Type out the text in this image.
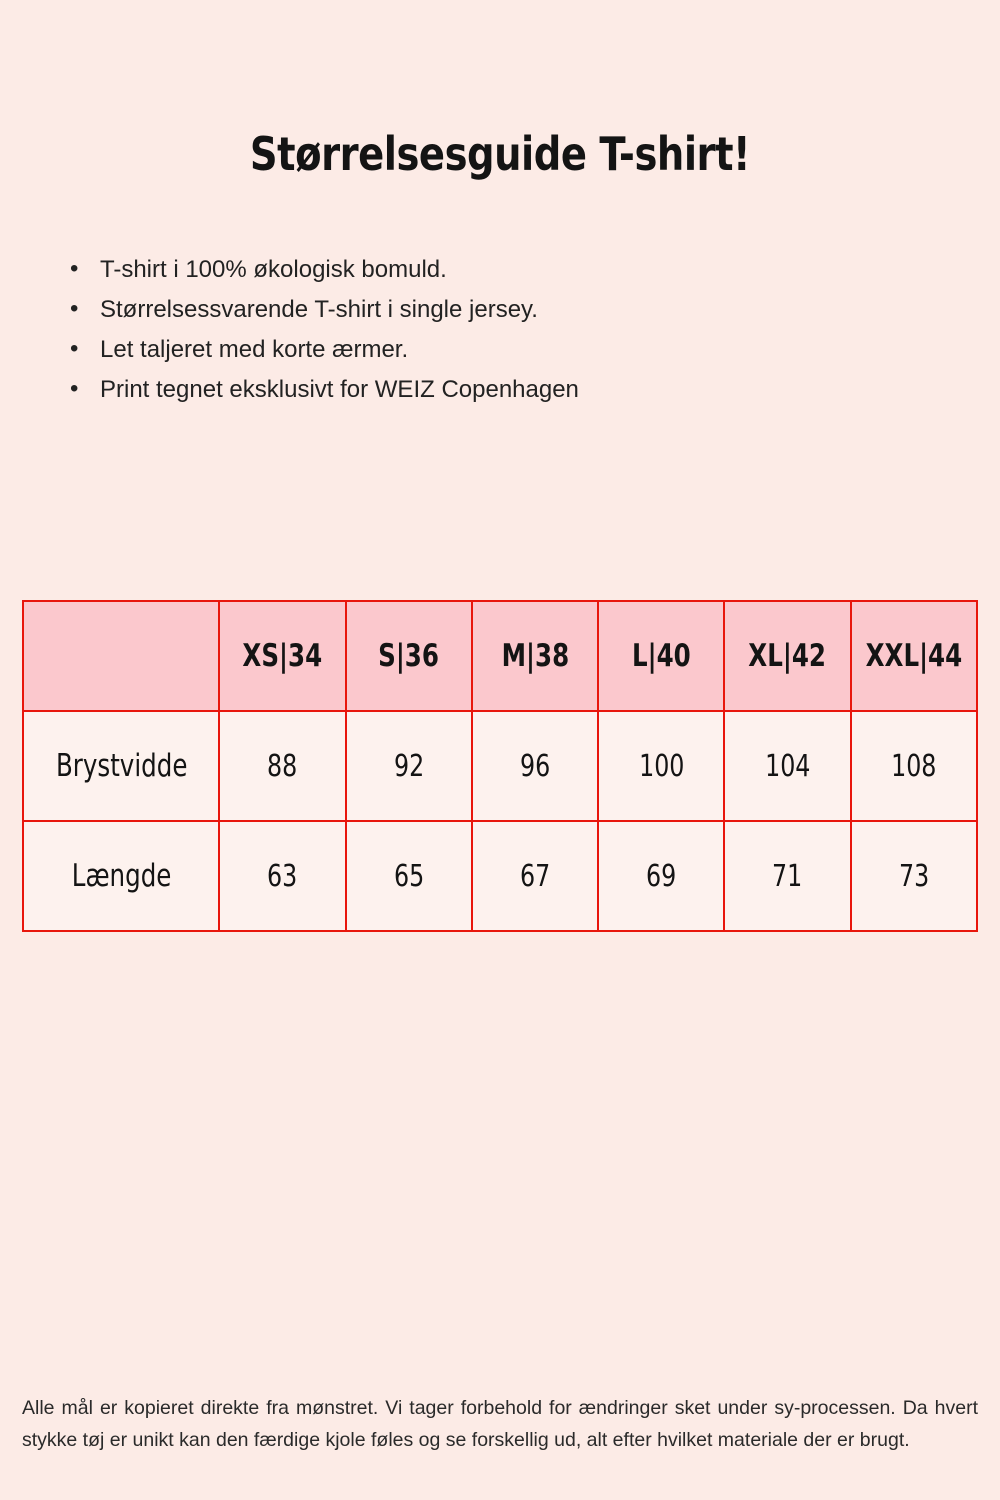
Størrelsesguide T-shirt!
• T-shirt i 100% økologisk bomuld.
• Størrelsessvarende T-shirt i single jersey.
• Let taljeret med korte ærmer.
• Print tegnet eksklusivt for WEIZ Copenhagen
	XS|34	S|36	M|38	L|40	XL|42	XXL|44
Brystvidde	88	92	96	100	104	108
Længde	63	65	67	69	71	73

Alle mål er kopieret direkte fra mønstret. Vi tager forbehold for ændringer sket under sy-processen. Da hvert stykke tøj er unikt kan den færdige kjole føles og se forskellig ud, alt efter hvilket materiale der er brugt.
